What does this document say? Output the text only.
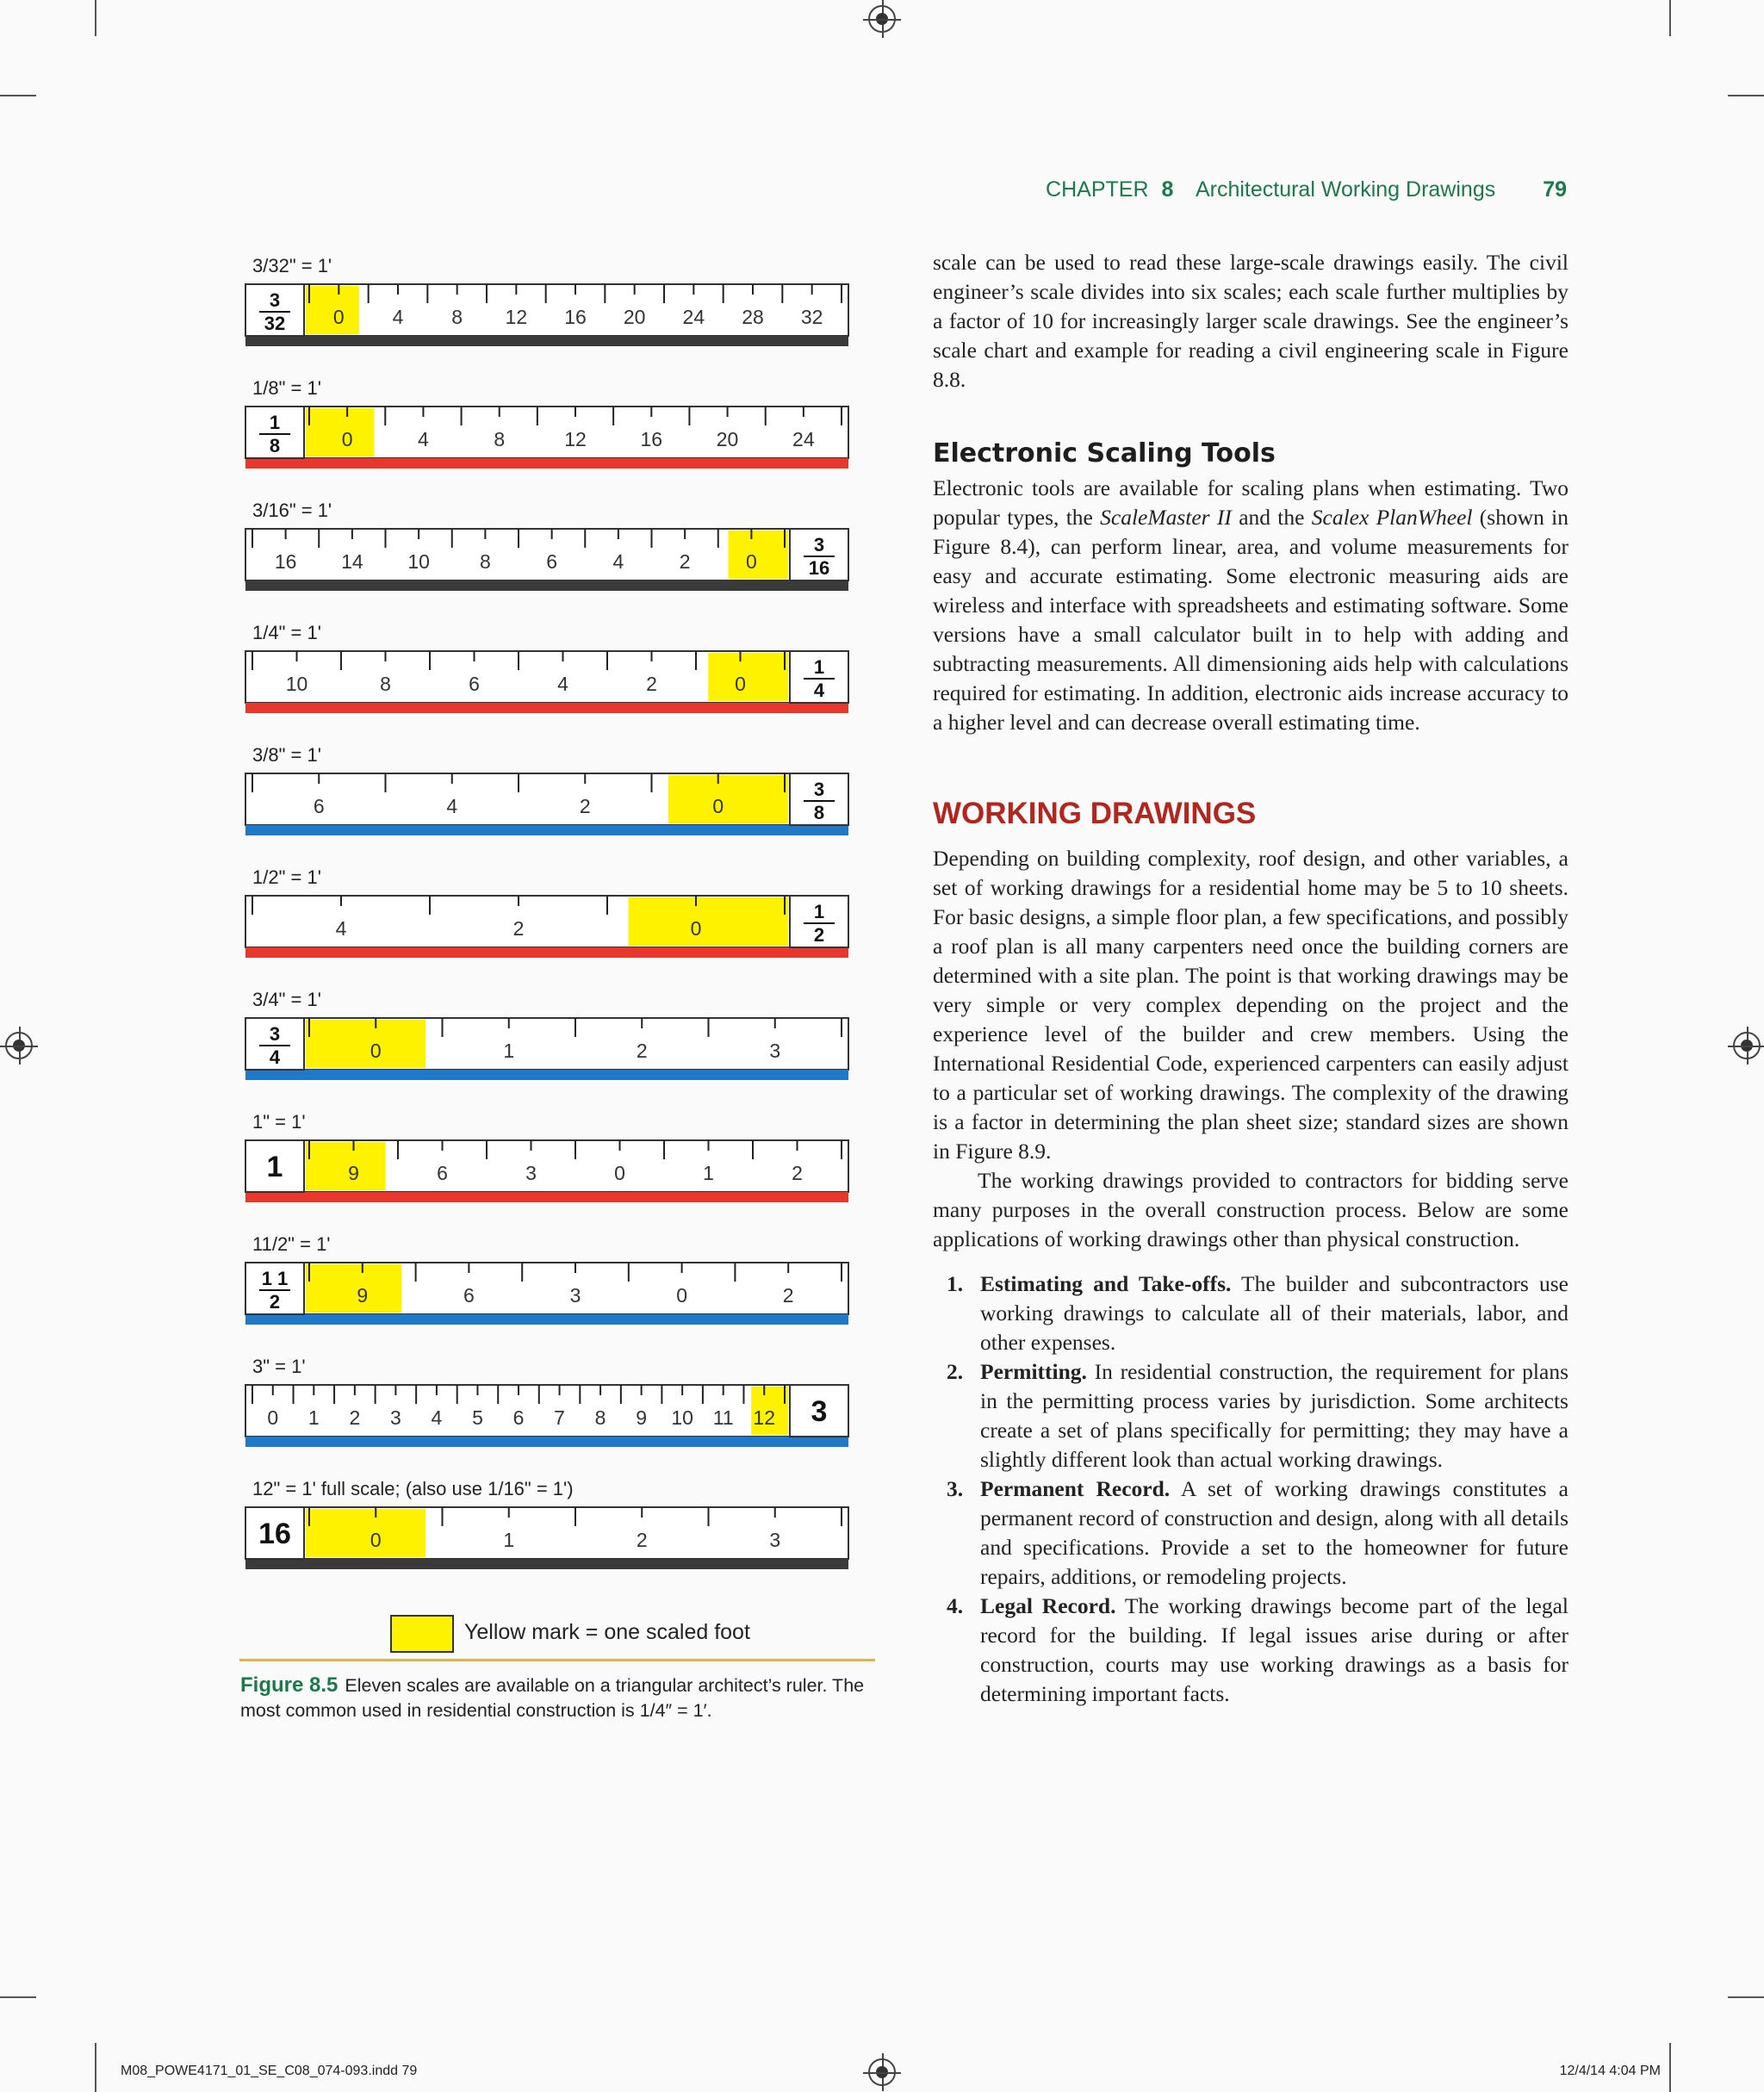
CHAPTER 8 Architectural Working Drawings 79
3/32" = 1'
3
32 0 4 8 12 16 20 24 28 32
1/8" = 1'
1
8	0	4	8	12	16	20	24
3/16" = 1'
3
16
16 14 10	8	6	4	2	0
1/4" = 1'
1
4
10	8	6	4	2	0
3/8" = 1'
3
8
6	4	2	0
1/2" = 1'
1
2
4	2	0
3/4" = 1'
3
4	0	1	2	3
1" = 1'
1	9	6	3	0	1	2
11/2" = 1'
1 1
2	9	6	3	0	2
3" = 1'
3
0 1 2 3 4 5 6 7 8 9 10 11 12
12" = 1' full scale; (also use 1/16" = 1')
16	0	1	2	3
Yellow mark = one scaled foot
Figure 8.5 Eleven scales are available on a triangular architect’s ruler. The most common used in residential construction is 1/4″ = 1′.

scale can be used to read these large-scale drawings easily. The civil engineer’s scale divides into six scales; each scale further multiplies by a factor of 10 for increasingly larger scale drawings. See the engineer’s scale chart and example for reading a civil engineering scale in Figure 8.8.

Electronic Scaling Tools

Electronic tools are available for scaling plans when estimating. Two popular types, the ScaleMaster II and the Scalex PlanWheel (shown in Figure 8.4), can perform linear, area, and volume measurements for easy and accurate estimating. Some electronic measuring aids are wireless and interface with spreadsheets and estimating software. Some versions have a small calculator built in to help with adding and subtracting measurements. All dimensioning aids help with calculations required for estimating. In addition, electronic aids increase accuracy to a higher level and can decrease overall estimating time.

WORKING DRAWINGS

Depending on building complexity, roof design, and other variables, a set of working drawings for a residential home may be 5 to 10 sheets. For basic designs, a simple floor plan, a few specifications, and possibly a roof plan is all many carpenters need once the building corners are determined with a site plan. The point is that working drawings may be very simple or very complex depending on the project and the experience level of the builder and crew members. Using the International Residential Code, experienced carpenters can easily adjust to a particular set of working drawings. The complexity of the drawing is a factor in determining the plan sheet size; standard sizes are shown in Figure 8.9.

The working drawings provided to contractors for bidding serve many purposes in the overall construction process. Below are some applications of working drawings other than physical construction.

1. Estimating and Take-offs. The builder and subcontractors use working drawings to calculate all of their materials, labor, and other expenses.
2. Permitting. In residential construction, the requirement for plans in the permitting process varies by jurisdiction. Some architects create a set of plans specifically for permitting; they may have a slightly different look than actual working drawings.
3. Permanent Record. A set of working drawings constitutes a permanent record of construction and design, along with all details and specifications. Provide a set to the homeowner for future repairs, additions, or remodeling projects.
4. Legal Record. The working drawings become part of the legal record for the building. If legal issues arise during or after construction, courts may use working drawings as a basis for determining important facts.
M08_POWE4171_01_SE_C08_074-093.indd 79	12/4/14 4:04 PM
